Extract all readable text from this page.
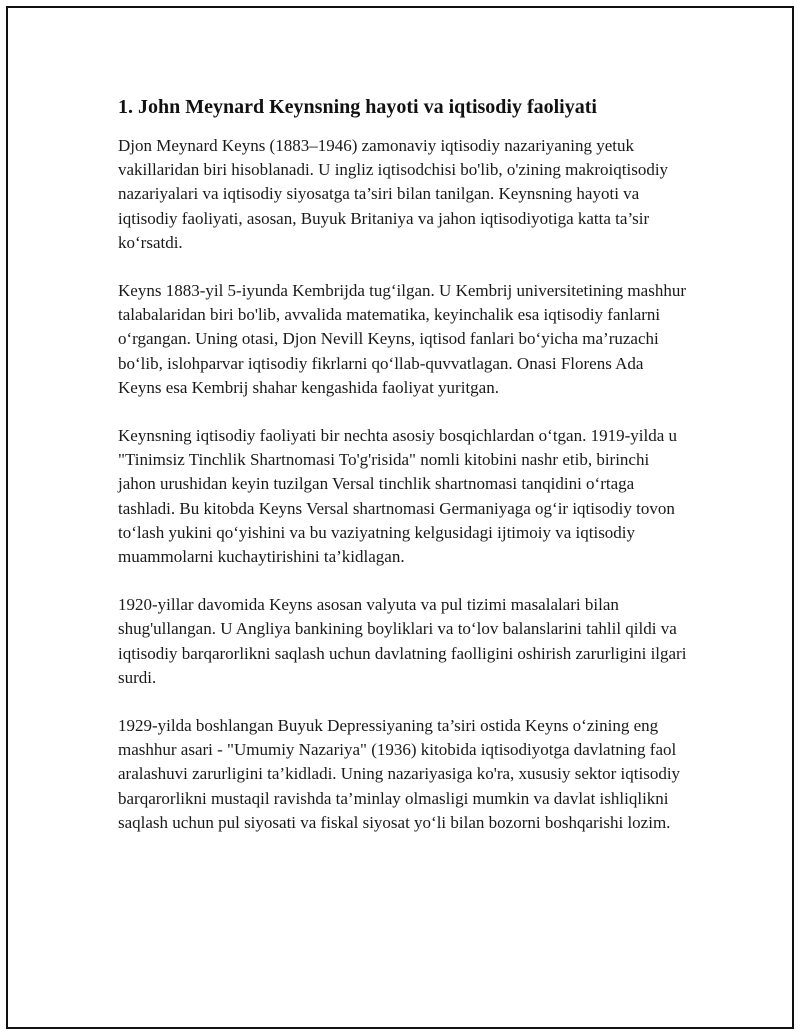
1. John Meynard Keynsning hayoti va iqtisodiy faoliyati

Djon Meynard Keyns (1883–1946) zamonaviy iqtisodiy nazariyaning yetuk vakillaridan biri hisoblanadi. U ingliz iqtisodchisi bo'lib, o'zining makroiqtisodiy nazariyalari va iqtisodiy siyosatga ta’siri bilan tanilgan. Keynsning hayoti va iqtisodiy faoliyati, asosan, Buyuk Britaniya va jahon iqtisodiyotiga katta ta’sir ko‘rsatdi.

Keyns 1883-yil 5-iyunda Kembrijda tug‘ilgan. U Kembrij universitetining mashhur talabalaridan biri bo'lib, avvalida matematika, keyinchalik esa iqtisodiy fanlarni o‘rgangan. Uning otasi, Djon Nevill Keyns, iqtisod fanlari bo‘yicha ma’ruzachi bo‘lib, islohparvar iqtisodiy fikrlarni qo‘llab-quvvatlagan. Onasi Florens Ada Keyns esa Kembrij shahar kengashida faoliyat yuritgan.

Keynsning iqtisodiy faoliyati bir nechta asosiy bosqichlardan o‘tgan. 1919-yilda u "Tinimsiz Tinchlik Shartnomasi To'g'risida" nomli kitobini nashr etib, birinchi jahon urushidan keyin tuzilgan Versal tinchlik shartnomasi tanqidini o‘rtaga tashladi. Bu kitobda Keyns Versal shartnomasi Germaniyaga og‘ir iqtisodiy tovon to‘lash yukini qo‘yishini va bu vaziyatning kelgusidagi ijtimoiy va iqtisodiy muammolarni kuchaytirishini ta’kidlagan.

1920-yillar davomida Keyns asosan valyuta va pul tizimi masalalari bilan shug'ullangan. U Angliya bankining boyliklari va to‘lov balanslarini tahlil qildi va iqtisodiy barqarorlikni saqlash uchun davlatning faolligini oshirish zarurligini ilgari surdi.

1929-yilda boshlangan Buyuk Depressiyaning ta’siri ostida Keyns o‘zining eng mashhur asari - "Umumiy Nazariya" (1936) kitobida iqtisodiyotga davlatning faol aralashuvi zarurligini ta’kidladi. Uning nazariyasiga ko'ra, xususiy sektor iqtisodiy barqarorlikni mustaqil ravishda ta’minlay olmasligi mumkin va davlat ishliqlikni saqlash uchun pul siyosati va fiskal siyosat yo‘li bilan bozorni boshqarishi lozim.
